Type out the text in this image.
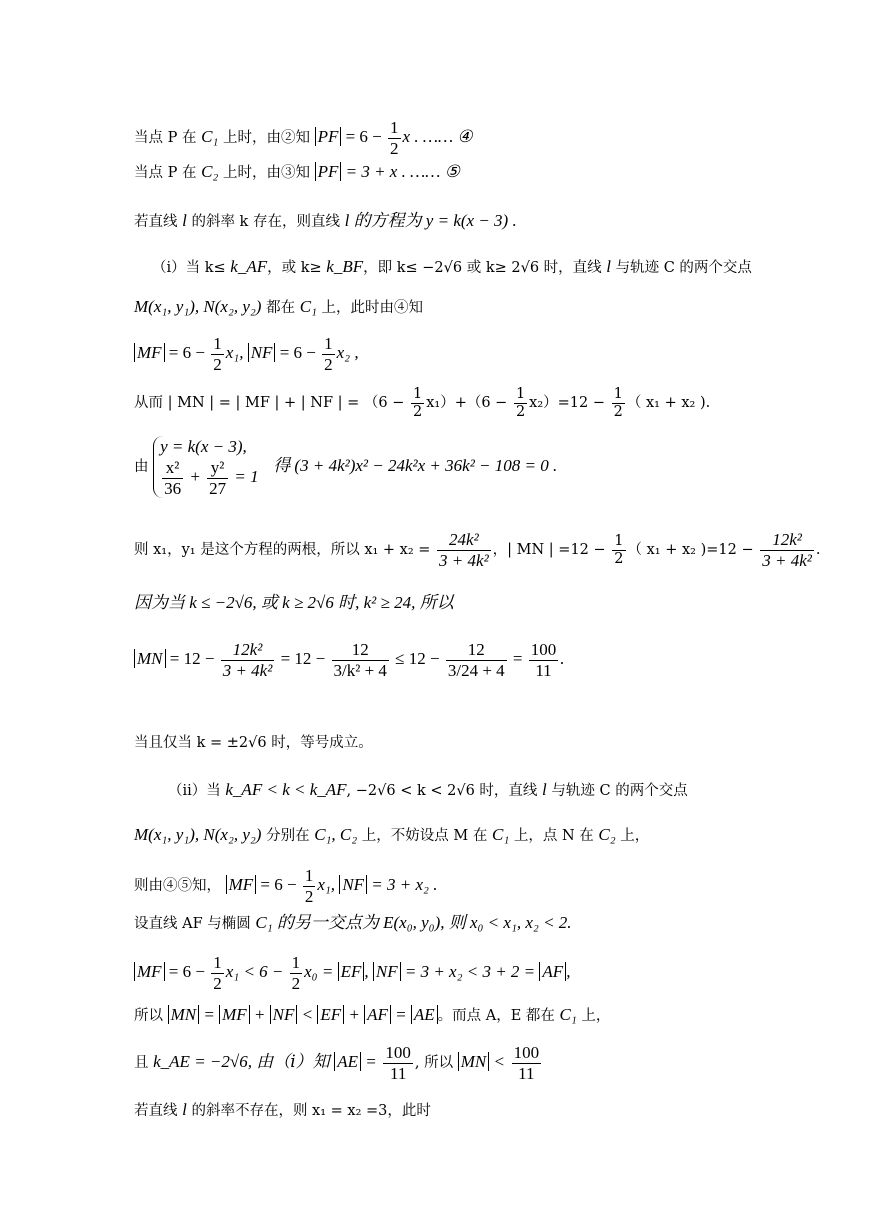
当点 P 在 C₁ 上时，由②知 PF = $6 - \frac{1}{2}$ x . …… ④
当点 P 在 C₂ 上时，由③知 PF = 3 + x . …… ⑤
若直线 l 的斜率 k 存在，则直线 l 的方程为 y = k(x − 3) .
（ⅰ）当 k≤ k_AF，或 k≥ k_BF，即 k≤ −2√6 或 k≥ 2√6 时，直线 l 与轨迹 C 的两个交点
M(x₁, y₁), N(x₂, y₂) 都在 C₁ 上，此时由④知
MF = $6 - \frac{1}{2} x_1$, NF = $6 - \frac{1}{2} x_2$ ,
从而 | MN | = | MF | + | NF | = $(6 - \frac{1}{2} x_1)+(6 - \frac{1}{2} x_2)=12 - \frac{1}{2}$ （ x₁ + x₂ ).
由
y = k(x − 3),
$\frac{\text{x²}}{36} + \frac{\text{y²}}{27} = 1$
得 (3 + 4k²)x² − 24k²x + 36k² − 108 = 0 .
则 x₁，y₁ 是这个方程的两根，所以 $x_1 + x_2 = \frac{\text{24k²}}{\text{3 + 4k²}}$ ，| MN | $=12 - \frac{1}{2}$ （ x₁ + x₂ )$=12 - \frac{\text{12k²}}{\text{3 + 4k²}}$ .
因为当 k ≤ −2√6, 或 k ≥ 2√6 时, k² ≥ 24, 所以
MN = $12 - \frac{\text{12k²}}{\text{3 + 4k²}} = 12 - \frac{12}{\text{3/k² + 4}} \le 12 - \frac{12}{3/24 + 4} = \frac{100}{11}$ .
当且仅当 k = ±2√6 时，等号成立。
（ⅱ）当 k_AF < k < k_AF, −2√6 < k < 2√6 时，直线 l 与轨迹 C 的两个交点
M(x₁, y₁), N(x₂, y₂) 分别在 C₁, C₂ 上，不妨设点 M 在 C₁ 上，点 N 在 C₂ 上，
则由④⑤知， MF = $6 - \frac{1}{2} x_1$, NF = 3 + x₂ .
设直线 AF 与椭圆 C₁ 的另一交点为 E(x₀, y₀), 则 x₀ < x₁, x₂ < 2.
MF = $6 - \frac{1}{2} x_1 < 6 - \frac{1}{2} x_0$ = EF , NF = 3 + x₂ < 3 + 2 = AF ,
所以 MN = MF + NF < EF + AF = AE 。而点 A，E 都在 C₁ 上，
且 k_AE = −2√6, 由（ⅰ）知 AE = $\frac{100}{11}$ , 所以 MN < $\frac{100}{11}$
若直线 l 的斜率不存在，则 x₁ = x₂ =3，此时
